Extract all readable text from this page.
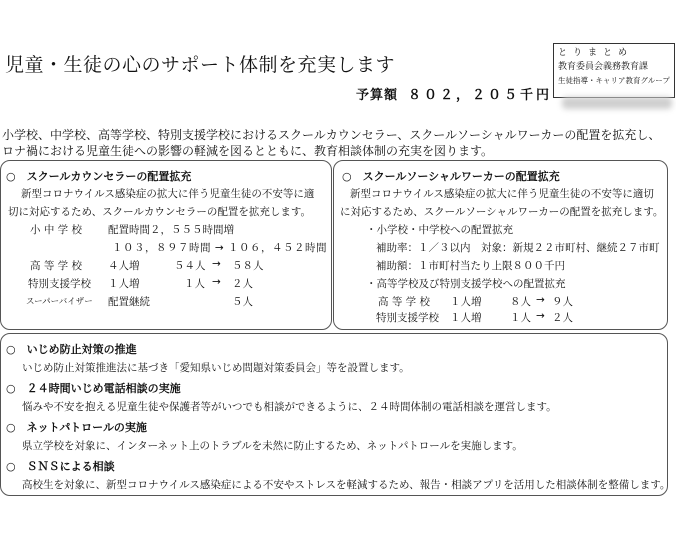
児童・生徒の心のサポート体制を充実します
予算額 ８０２，２０５千円
とりまとめ
教育委員会義務教育課
生徒指導・キャリア教育グループ
小学校、中学校、高等学校、特別支援学校におけるスクールカウンセラー、スクールソーシャルワーカーの配置を拡充し、
ロナ禍における児童生徒への影響の軽減を図るとともに、教育相談体制の充実を図ります。
○　スクールカウンセラーの配置拡充
新型コロナウイルス感染症の拡大に伴う児童生徒の不安等に適
切に対応するため、スクールカウンセラーの配置を拡充します。
小 中 学 校 配置時間２，５５５時間増
１０３，８９７時間 → １０６，４５２時間
高 等 学 校 ４人増	５４人 → ５８人
特別支援学校 １人増	１人 → ２人
スーパーバイザー 配置継続	５人
○　スクールソーシャルワーカーの配置拡充
新型コロナウイルス感染症の拡大に伴う児童生徒の不安等に適切
に対応するため、スクールソーシャルワーカーの配置を拡充します。
・小学校・中学校への配置拡充
補助率：１／３以内　対象：新規２２市町村、継続２７市町
補助額：１市町村当たり上限８００千円
・高等学校及び特別支援学校への配置拡充
高 等 学 校 １人増	８人 → ９人
特別支援学校 １人増	１人 → ２人
○　いじめ防止対策の推進
いじめ防止対策推進法に基づき「愛知県いじめ問題対策委員会」等を設置します。
○　２４時間いじめ電話相談の実施
悩みや不安を抱える児童生徒や保護者等がいつでも相談ができるように、２４時間体制の電話相談を運営します。
○　ネットパトロールの実施
県立学校を対象に、インターネット上のトラブルを未然に防止するため、ネットパトロールを実施します。
○　ＳＮＳによる相談
高校生を対象に、新型コロナウイルス感染症による不安やストレスを軽減するため、報告・相談アプリを活用した相談体制を整備します。
